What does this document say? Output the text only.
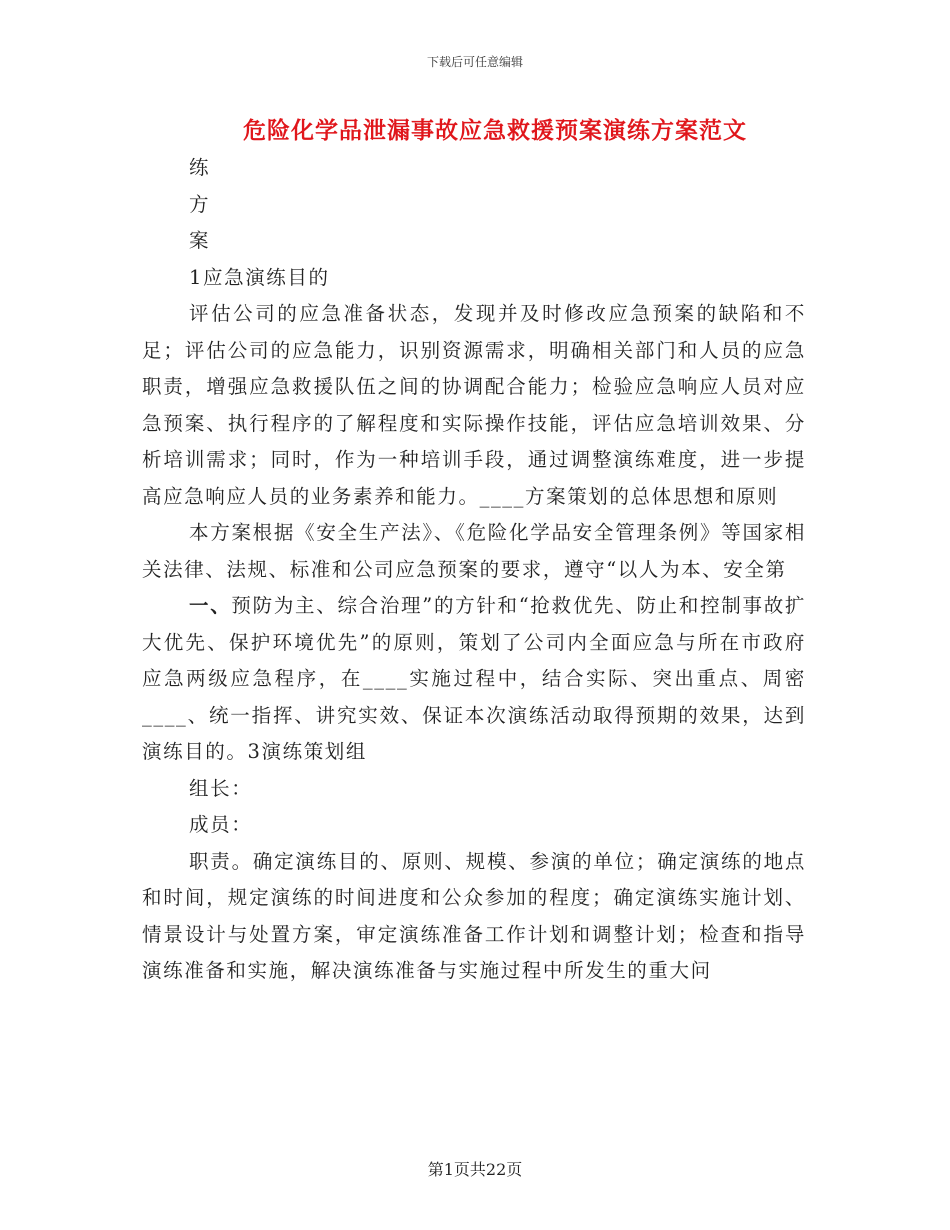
下载后可任意编辑
危险化学品泄漏事故应急救援预案演练方案范文

练

方

案

1应急演练目的

评估公司的应急准备状态，发现并及时修改应急预案的缺陷和不足；评估公司的应急能力，识别资源需求，明确相关部门和人员的应急职责，增强应急救援队伍之间的协调配合能力；检验应急响应人员对应急预案、执行程序的了解程度和实际操作技能，评估应急培训效果、分析培训需求；同时，作为一种培训手段，通过调整演练难度，进一步提高应急响应人员的业务素养和能力。____方案策划的总体思想和原则

本方案根据《安全生产法》、《危险化学品安全管理条例》等国家相关法律、法规、标准和公司应急预案的要求，遵守“以人为本、安全第

一、预防为主、综合治理”的方针和“抢救优先、防止和控制事故扩大优先、保护环境优先”的原则，策划了公司内全面应急与所在市政府应急两级应急程序，在____实施过程中，结合实际、突出重点、周密____、统一指挥、讲究实效、保证本次演练活动取得预期的效果，达到演练目的。3演练策划组

组长：

成员：

职责。确定演练目的、原则、规模、参演的单位；确定演练的地点和时间，规定演练的时间进度和公众参加的程度；确定演练实施计划、情景设计与处置方案，审定演练准备工作计划和调整计划；检查和指导演练准备和实施，解决演练准备与实施过程中所发生的重大问

第1页共22页
